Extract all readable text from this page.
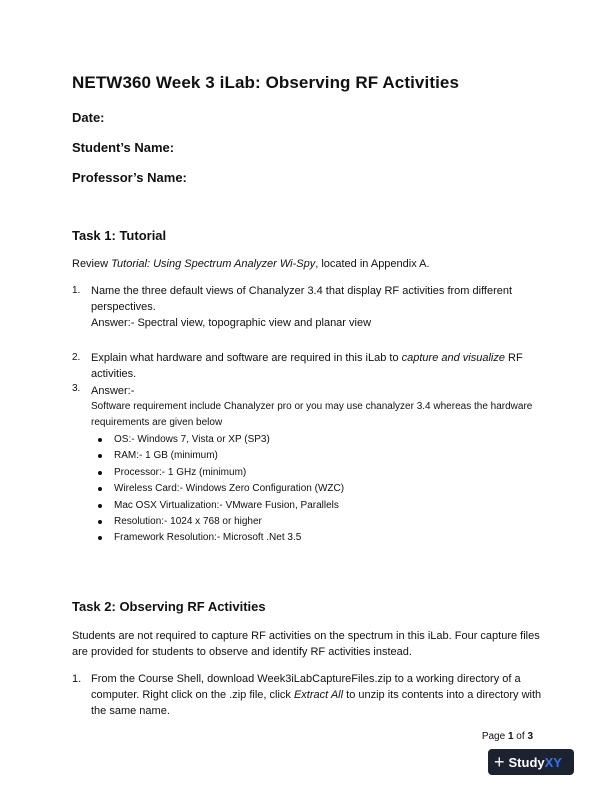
NETW360 Week 3 iLab: Observing RF Activities
Date:
Student’s Name:
Professor’s Name:
Task 1: Tutorial
Review Tutorial: Using Spectrum Analyzer Wi-Spy, located in Appendix A.
1. Name the three default views of Chanalyzer 3.4 that display RF activities from different perspectives.
Answer:- Spectral view, topographic view and planar view
2. Explain what hardware and software are required in this iLab to capture and visualize RF activities.
3. Answer:-
Software requirement include Chanalyzer pro or you may use chanalyzer 3.4 whereas the hardware requirements are given below
OS:- Windows 7, Vista or XP (SP3)
RAM:- 1 GB (minimum)
Processor:- 1 GHz (minimum)
Wireless Card:- Windows Zero Configuration (WZC)
Mac OSX Virtualization:- VMware Fusion, Parallels
Resolution:- 1024 x 768 or higher
Framework Resolution:- Microsoft .Net 3.5
Task 2: Observing RF Activities
Students are not required to capture RF activities on the spectrum in this iLab. Four capture files are provided for students to observe and identify RF activities instead.
1. From the Course Shell, download Week3iLabCaptureFiles.zip to a working directory of a computer. Right click on the .zip file, click Extract All to unzip its contents into a directory with the same name.
Page 1 of 3
+ StudyXY
